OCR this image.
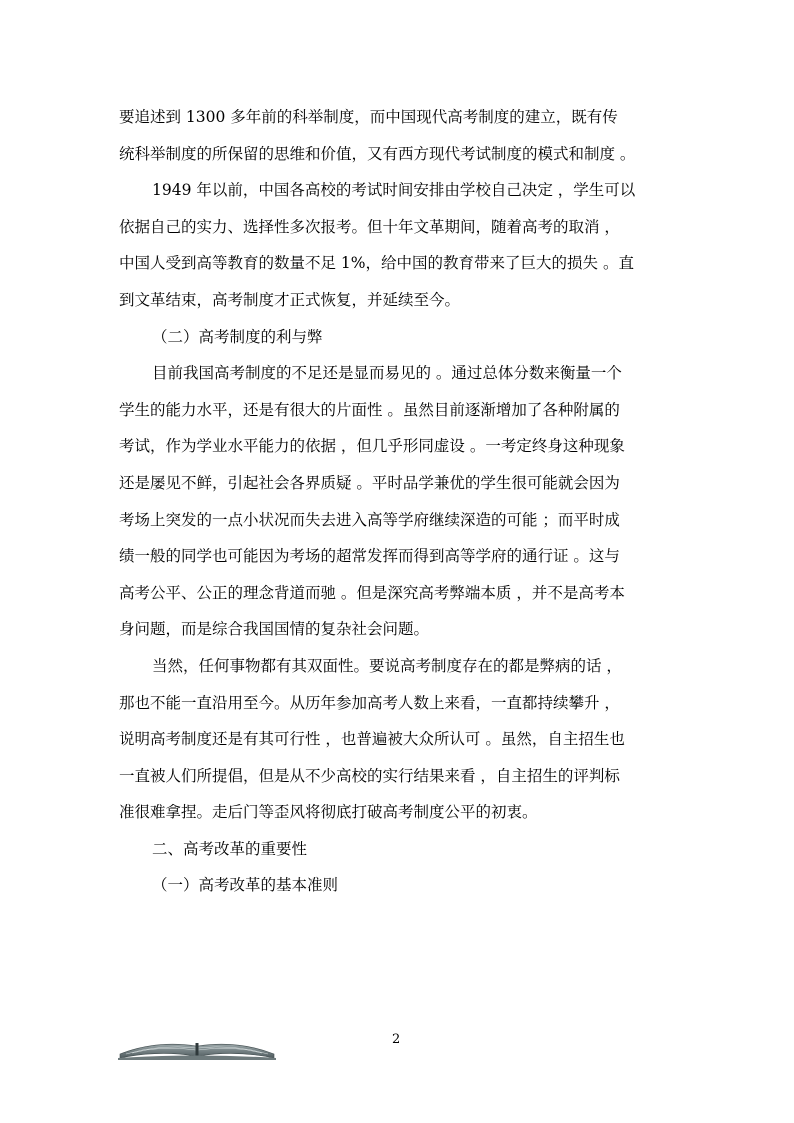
要追述到 1300 多年前的科举制度，而中国现代高考制度的建立，既有传
统科举制度的所保留的思维和价值，又有西方现代考试制度的模式和制度 。
1949 年以前，中国各高校的考试时间安排由学校自己决定 ，学生可以
依据自己的实力、选择性多次报考。但十年文革期间，随着高考的取消 ，
中国人受到高等教育的数量不足 1%，给中国的教育带来了巨大的损失 。直
到文革结束，高考制度才正式恢复，并延续至今。
（二）高考制度的利与弊
目前我国高考制度的不足还是显而易见的 。通过总体分数来衡量一个
学生的能力水平，还是有很大的片面性 。虽然目前逐渐增加了各种附属的
考试，作为学业水平能力的依据 ，但几乎形同虚设 。一考定终身这种现象
还是屡见不鲜，引起社会各界质疑 。平时品学兼优的学生很可能就会因为
考场上突发的一点小状况而失去进入高等学府继续深造的可能 ；而平时成
绩一般的同学也可能因为考场的超常发挥而得到高等学府的通行证 。这与
高考公平、公正的理念背道而驰 。但是深究高考弊端本质 ，并不是高考本
身问题，而是综合我国国情的复杂社会问题。
当然，任何事物都有其双面性。要说高考制度存在的都是弊病的话 ，
那也不能一直沿用至今。从历年参加高考人数上来看，一直都持续攀升 ，
说明高考制度还是有其可行性 ，也普遍被大众所认可 。虽然，自主招生也
一直被人们所提倡，但是从不少高校的实行结果来看 ，自主招生的评判标
准很难拿捏。走后门等歪风将彻底打破高考制度公平的初衷。
二、高考改革的重要性
（一）高考改革的基本准则
2
